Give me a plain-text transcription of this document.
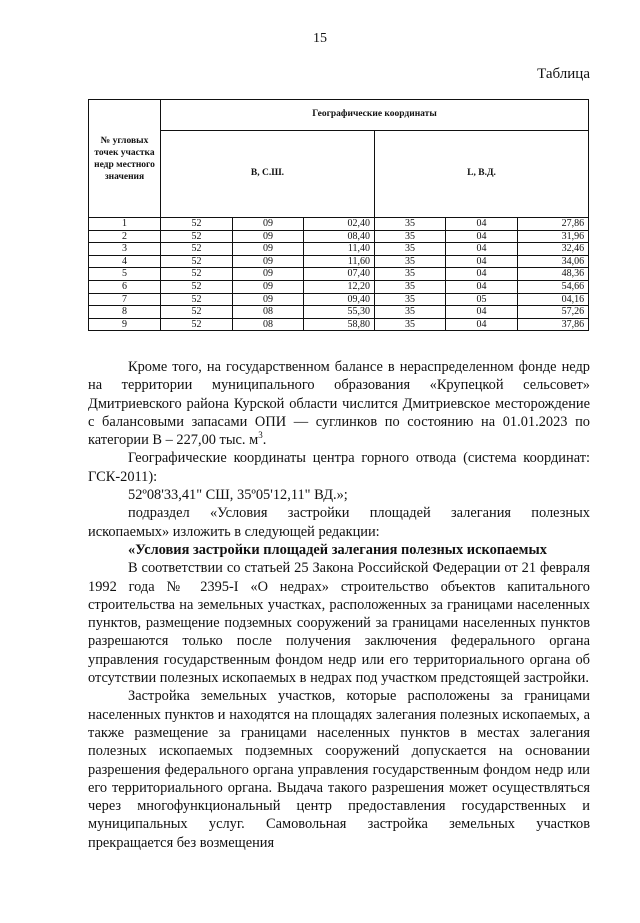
15
Таблица
№ угловых точек участка недр местного значения	Географические координаты					
	B, С.Ш.			L, В.Д.		
1	52	09	02,40	35	04	27,86
2	52	09	08,40	35	04	31,96
3	52	09	11,40	35	04	32,46
4	52	09	11,60	35	04	34,06
5	52	09	07,40	35	04	48,36
6	52	09	12,20	35	04	54,66
7	52	09	09,40	35	05	04,16
8	52	08	55,30	35	04	57,26
9	52	08	58,80	35	04	37,86

Кроме того, на государственном балансе в нераспределенном фонде недр на территории муниципального образования «Крупецкой сельсовет» Дмитриевского района Курской области числится Дмитриевское месторождение с балансовыми запасами ОПИ — суглинков по состоянию на 01.01.2023 по категории В – 227,00 тыс. $м^3$.

Географические координаты центра горного отвода (система координат: ГСК-2011):

52º08'33,41" СШ, 35º05'12,11" ВД.»;

подраздел «Условия застройки площадей залегания полезных ископаемых» изложить в следующей редакции:

«Условия застройки площадей залегания полезных ископаемых

В соответствии со статьей 25 Закона Российской Федерации от 21 февраля 1992 года № 2395-I «О недрах» строительство объектов капитального строительства на земельных участках, расположенных за границами населенных пунктов, размещение подземных сооружений за границами населенных пунктов разрешаются только после получения заключения федерального органа управления государственным фондом недр или его территориального органа об отсутствии полезных ископаемых в недрах под участком предстоящей застройки.

Застройка земельных участков, которые расположены за границами населенных пунктов и находятся на площадях залегания полезных ископаемых, а также размещение за границами населенных пунктов в местах залегания полезных ископаемых подземных сооружений допускается на основании разрешения федерального органа управления государственным фондом недр или его территориального органа. Выдача такого разрешения может осуществляться через многофункциональный центр предоставления государственных и муниципальных услуг. Самовольная застройка земельных участков прекращается без возмещения
